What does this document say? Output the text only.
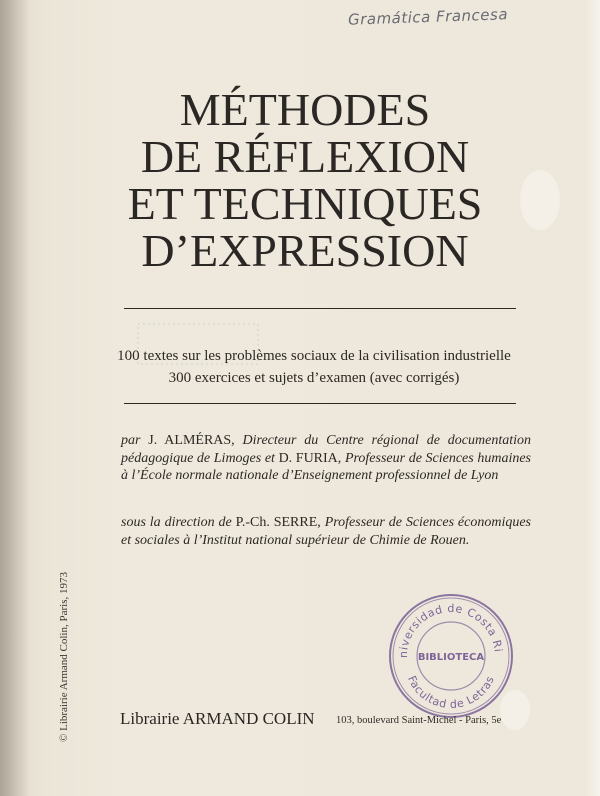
Gramática Francesa
MÉTHODES
DE RÉFLEXION
ET TECHNIQUES
D’EXPRESSION
100 textes sur les problèmes sociaux de la civilisation industrielle
300 exercices et sujets d’examen (avec corrigés)
par J. ALMÉRAS, Directeur du Centre régional de documentation pédagogique de Limoges et D. FURIA, Professeur de Sciences humaines à l’École normale nationale d’Enseignement professionnel de Lyon
sous la direction de P.-Ch. SERRE, Professeur de Sciences économiques et sociales à l’Institut national supérieur de Chimie de Rouen.
© Librairie Armand Colin, Paris, 1973	niversidad de Costa Ri
BIBLIOTECA
Facultad de Letras
Librairie ARMAND COLIN 103, boulevard Saint-Michel - Paris, 5e
